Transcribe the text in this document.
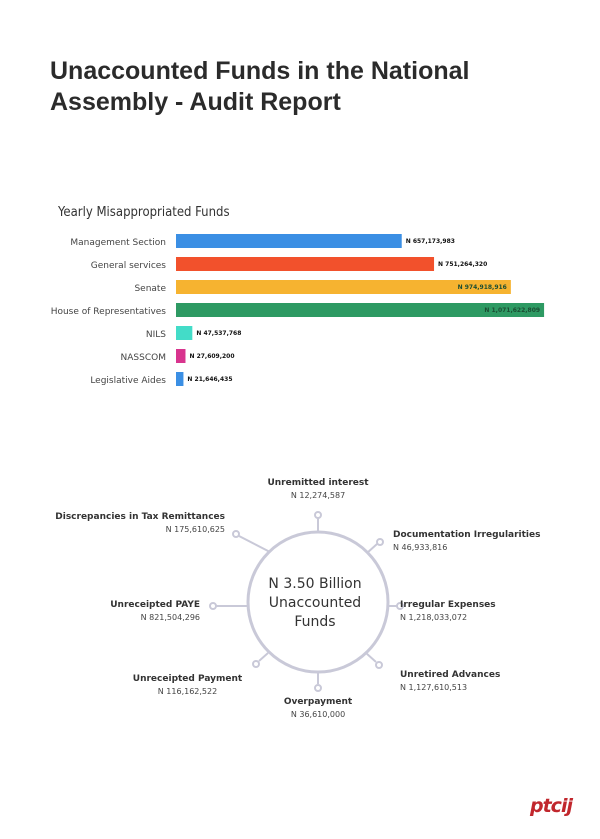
Unaccounted Funds in the National Assembly - Audit Report
Yearly Misappropriated Funds
Management Section	N 657,173,983
General services	N 751,264,320
Senate	N 974,918,916
House of Representatives	N 1,071,622,809
NILS	N 47,537,768
NASSCOM	N 27,609,200
Legislative Aides	N 21,646,435
N 3.50 Billion
Unaccounted
Funds
Unremitted interest
N 12,274,587
Documentation Irregularities
N 46,933,816
Irregular Expenses
N 1,218,033,072
Unretired Advances
N 1,127,610,513
Overpayment
N 36,610,000
Unreceipted Payment
N 116,162,522
Unreceipted PAYE
N 821,504,296
Discrepancies in Tax Remittances
N 175,610,625
ptcij
